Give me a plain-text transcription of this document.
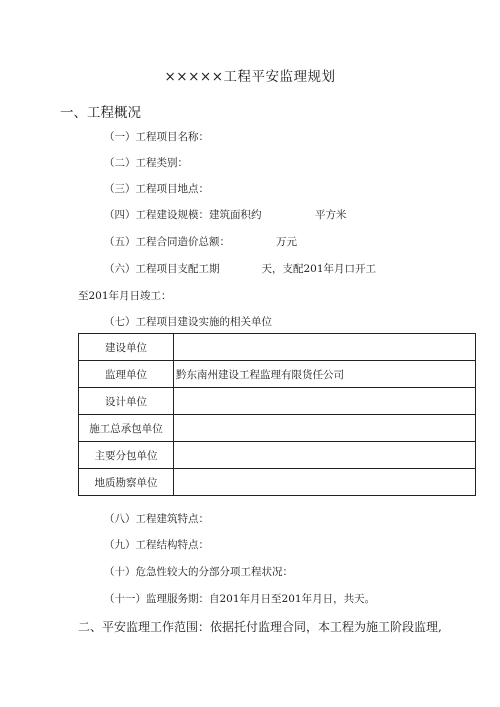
×××××工程平安监理规划
一、工程概况
（一）工程项目名称：
（二）工程类别：
（三）工程项目地点：
（四）工程建设规模：建筑面积约	平方米
（五）工程合同造价总额：	万元
（六）工程项目支配工期　　　　天，支配201年月口开工
至201年月日竣工：
（七）工程项目建设实施的相关单位
建设单位	
监理单位	黔东南州建设工程监理有限货任公司
设计单位	
施工总承包单位	
主要分包单位	
地质勘察单位	
（八）工程建筑特点：
（九）工程结构特点：
（十）危急性较大的分部分项工程状况：
（十一）监理服务期：自201年月日至201年月日，共天。
二、平安监理工作范围：依据托付监理合同，本工程为施工阶段监理,
